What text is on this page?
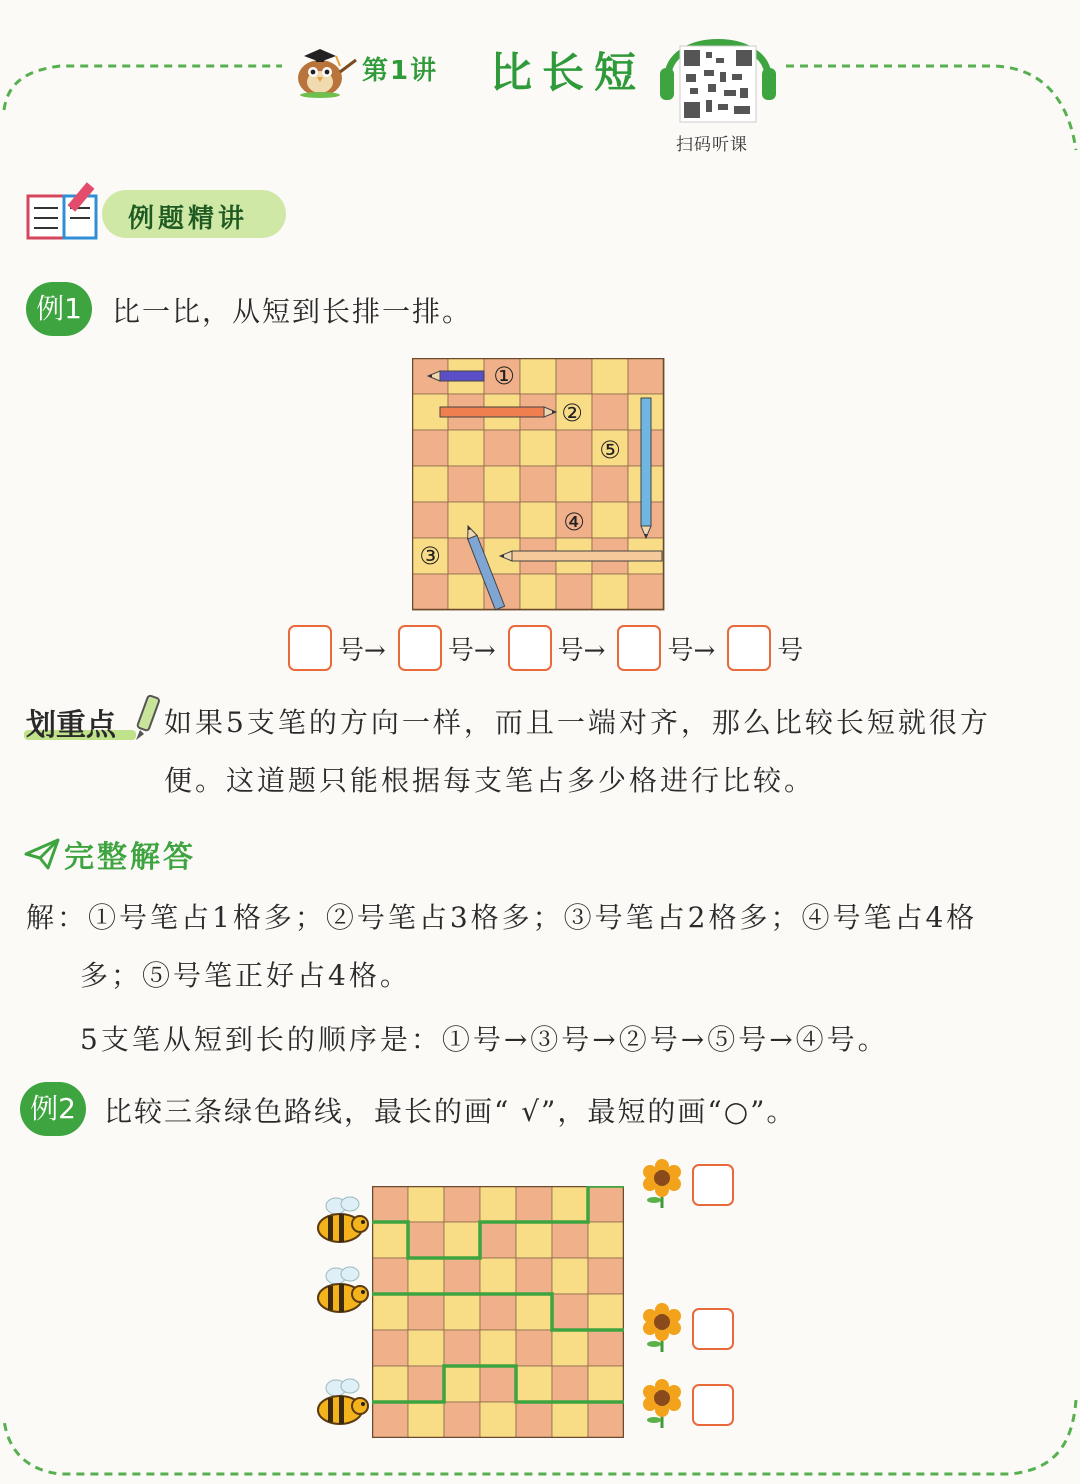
第1讲 比长短
扫码听课
例题精讲
例1	比一比，从短到长排一排。
①
②
⑤
④
③
号→ 号→ 号→ 号→ 号
划重点 如果5支笔的方向一样，而且一端对齐，那么比较长短就很方
便。这道题只能根据每支笔占多少格进行比较。
完整解答
解：①号笔占1格多；②号笔占3格多；③号笔占2格多；④号笔占4格
多；⑤号笔正好占4格。
5支笔从短到长的顺序是：①号→③号→②号→⑤号→④号。
例2	比较三条绿色路线，最长的画“ √”，最短的画“○”。
